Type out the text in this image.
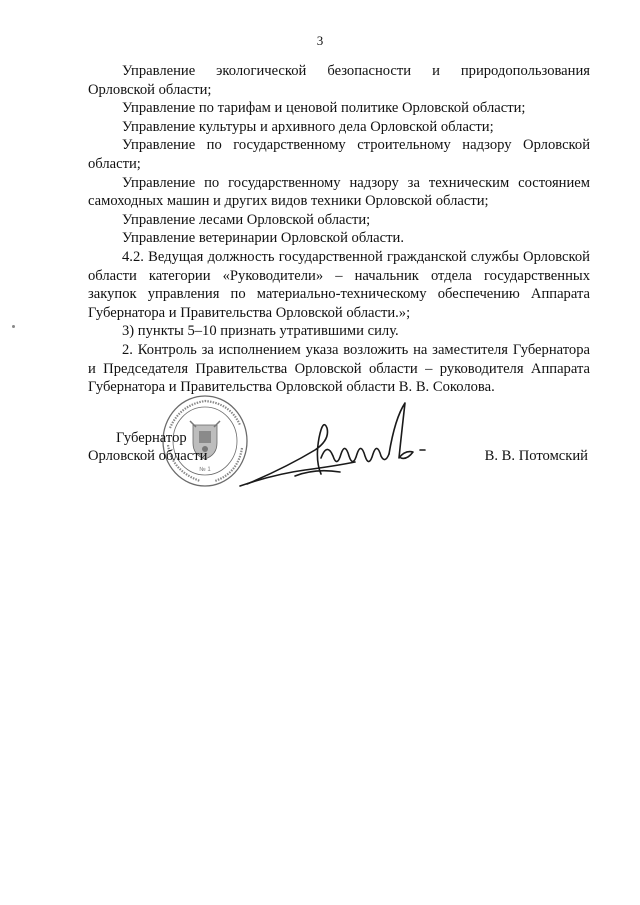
3

Управление экологической безопасности и природопользования Орловской области;

Управление по тарифам и ценовой политике Орловской области;

Управление культуры и архивного дела Орловской области;

Управление по государственному строительному надзору Орловской области;

Управление по государственному надзору за техническим состоянием самоходных машин и других видов техники Орловской области;

Управление лесами Орловской области;

Управление ветеринарии Орловской области.

4.2. Ведущая должность государственной гражданской службы Орловской области категории «Руководители» – начальник отдела государственных закупок управления по материально-техническому обеспечению Аппарата Губернатора и Правительства Орловской области.»;

3) пункты 5–10 признать утратившими силу.

2. Контроль за исполнением указа возложить на заместителя Губернатора и Председателя Правительства Орловской области – руководителя Аппарата Губернатора и Правительства Орловской области В. В. Соколова.

№ 1
Губернатор
Орловской области	В. В. Потомский
